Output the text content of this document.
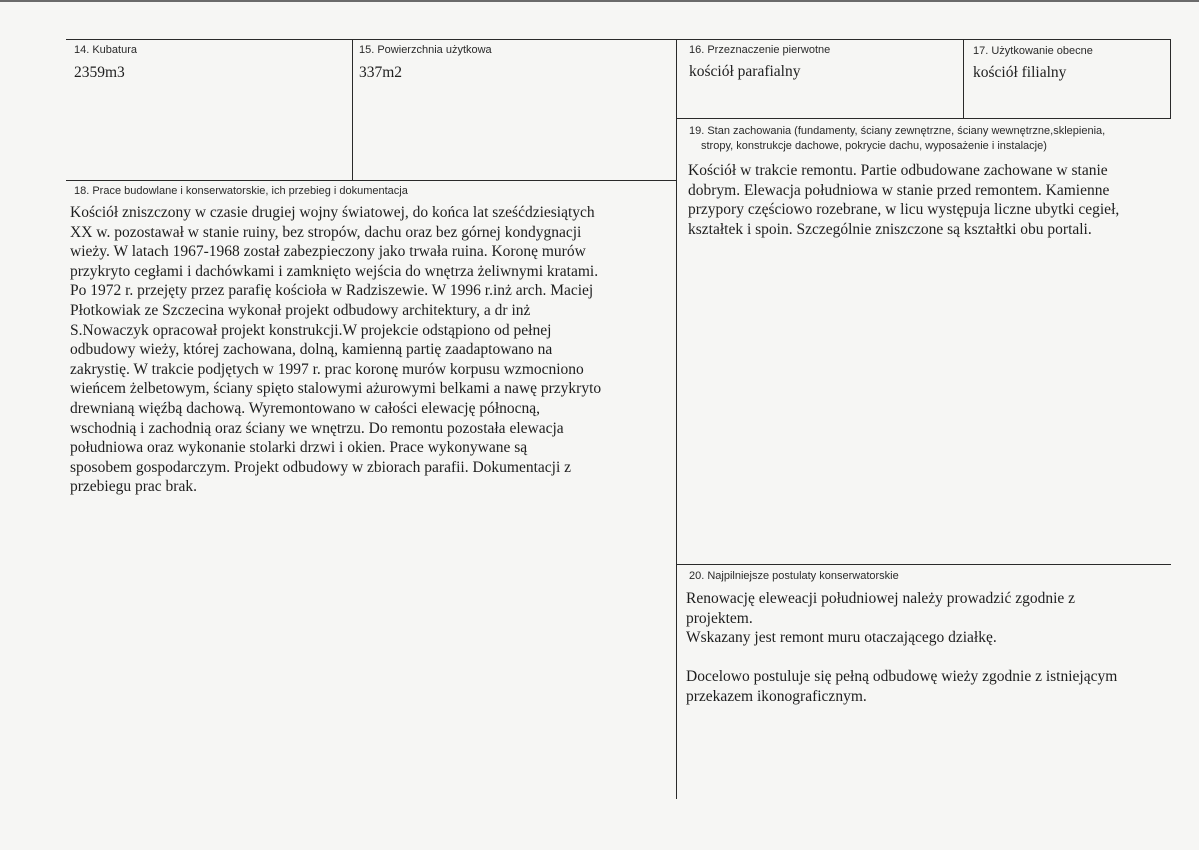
14. Kubatura
2359m3
15. Powierzchnia użytkowa
337m2
16. Przeznaczenie pierwotne
kościół parafialny
17. Użytkowanie obecne
kościół filialny
18. Prace budowlane i konserwatorskie, ich przebieg i dokumentacja
Kościół zniszczony w czasie drugiej wojny światowej, do końca lat sześćdziesiątych
XX w. pozostawał w stanie ruiny, bez stropów, dachu oraz bez górnej kondygnacji
wieży. W latach 1967-1968 został zabezpieczony jako trwała ruina. Koronę murów
przykryto cegłami i dachówkami i zamknięto wejścia do wnętrza żeliwnymi kratami.
Po 1972 r. przejęty przez parafię kościoła w Radziszewie. W 1996 r.inż arch. Maciej
Płotkowiak ze Szczecina wykonał projekt odbudowy architektury, a dr inż
S.Nowaczyk opracował projekt konstrukcji.W projekcie odstąpiono od pełnej
odbudowy wieży, której zachowana, dolną, kamienną partię zaadaptowano na
zakrystię. W trakcie podjętych w 1997 r. prac koronę murów korpusu wzmocniono
wieńcem żelbetowym, ściany spięto stalowymi ażurowymi belkami a nawę przykryto
drewnianą więźbą dachową. Wyremontowano w całości elewację północną,
wschodnią i zachodnią oraz ściany we wnętrzu. Do remontu pozostała elewacja
południowa oraz wykonanie stolarki drzwi i okien. Prace wykonywane są
sposobem gospodarczym. Projekt odbudowy w zbiorach parafii. Dokumentacji z
przebiegu prac brak.
19. Stan zachowania (fundamenty, ściany zewnętrzne, ściany wewnętrzne,sklepienia,
stropy, konstrukcje dachowe, pokrycie dachu, wyposażenie i instalacje)
Kościół w trakcie remontu. Partie odbudowane zachowane w stanie
dobrym. Elewacja południowa w stanie przed remontem. Kamienne
przypory częściowo rozebrane, w licu występuja liczne ubytki cegieł,
kształtek i spoin. Szczególnie zniszczone są kształtki obu portali.
20. Najpilniejsze postulaty konserwatorskie
Renowację eleweacji południowej należy prowadzić zgodnie z
projektem.
Wskazany jest remont muru otaczającego działkę.
Docelowo postuluje się pełną odbudowę wieży zgodnie z istniejącym
przekazem ikonograficznym.
